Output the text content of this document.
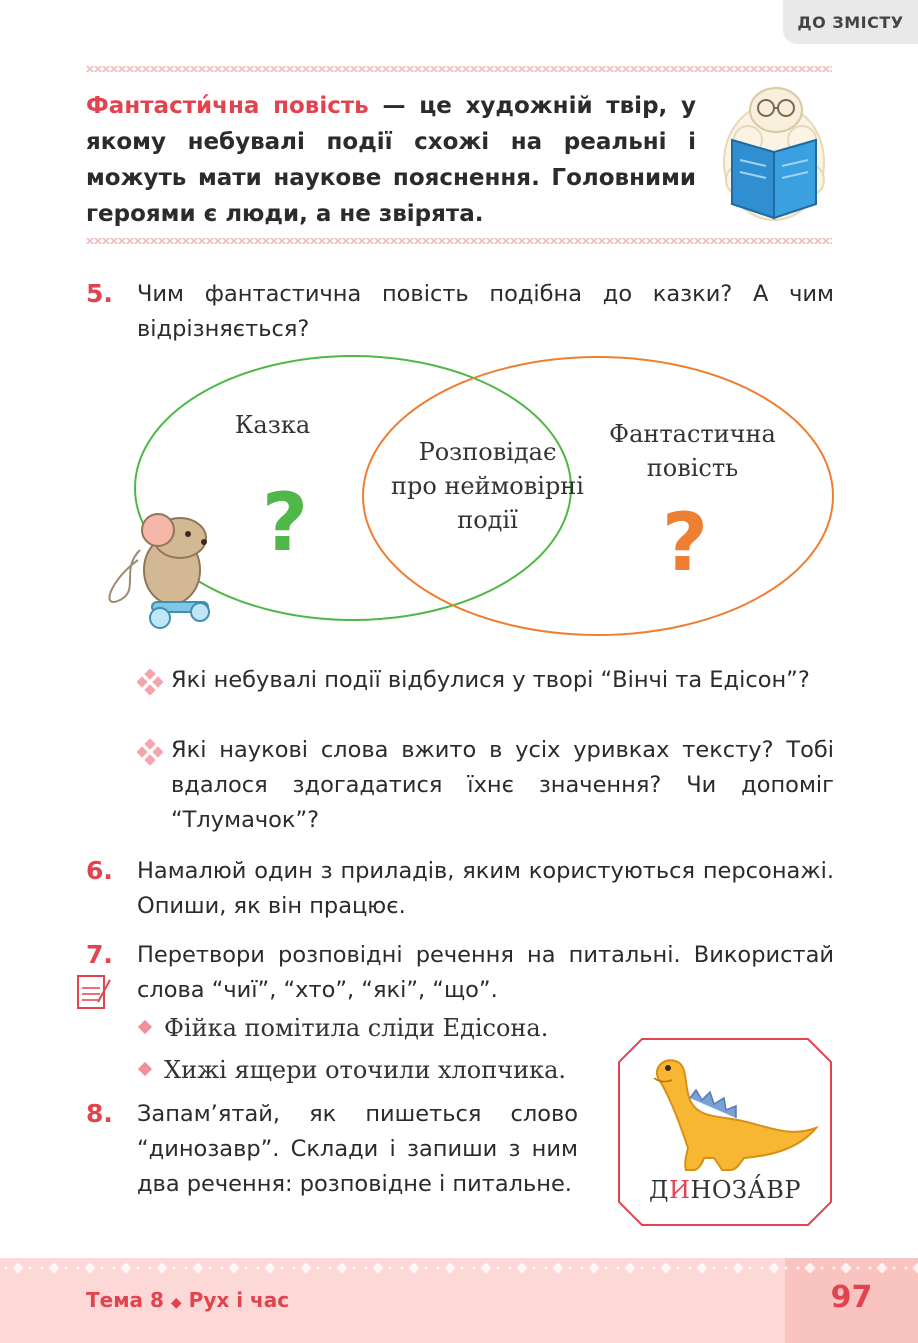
ДО ЗМІСТУ
Фантасти́чна повість — це художній твір, у якому небувалі події схожі на реальні і можуть мати наукове пояснення. Головними героями є люди, а не звірята.
5. Чим фантастична повість подібна до казки? А чим відрізняється?
Казка
Розповідає
про неймовірні
події
Фантастична
повість
?	?
Які небувалі події відбулися у творі “Вінчі та Едісон”?
Які наукові слова вжито в усіх уривках тексту? Тобі вдалося здогадатися їхнє значення? Чи допоміг “Тлумачок”?
6. Намалюй один з приладів, яким користуються персонажі. Опиши, як він працює.
7. Перетвори розповідні речення на питальні. Використай слова “чиї”, “хто”, “які”, “що”.
Фійка помітила сліди Едісона.
Хижі ящери оточили хлопчика.
8. Запам’ятай, як пишеться слово “динозавр”. Склади і запиши з ним два речення: розповідне і питальне.	ДИНОЗА́ВР
Тема 8 ◆ Рух і час	97
